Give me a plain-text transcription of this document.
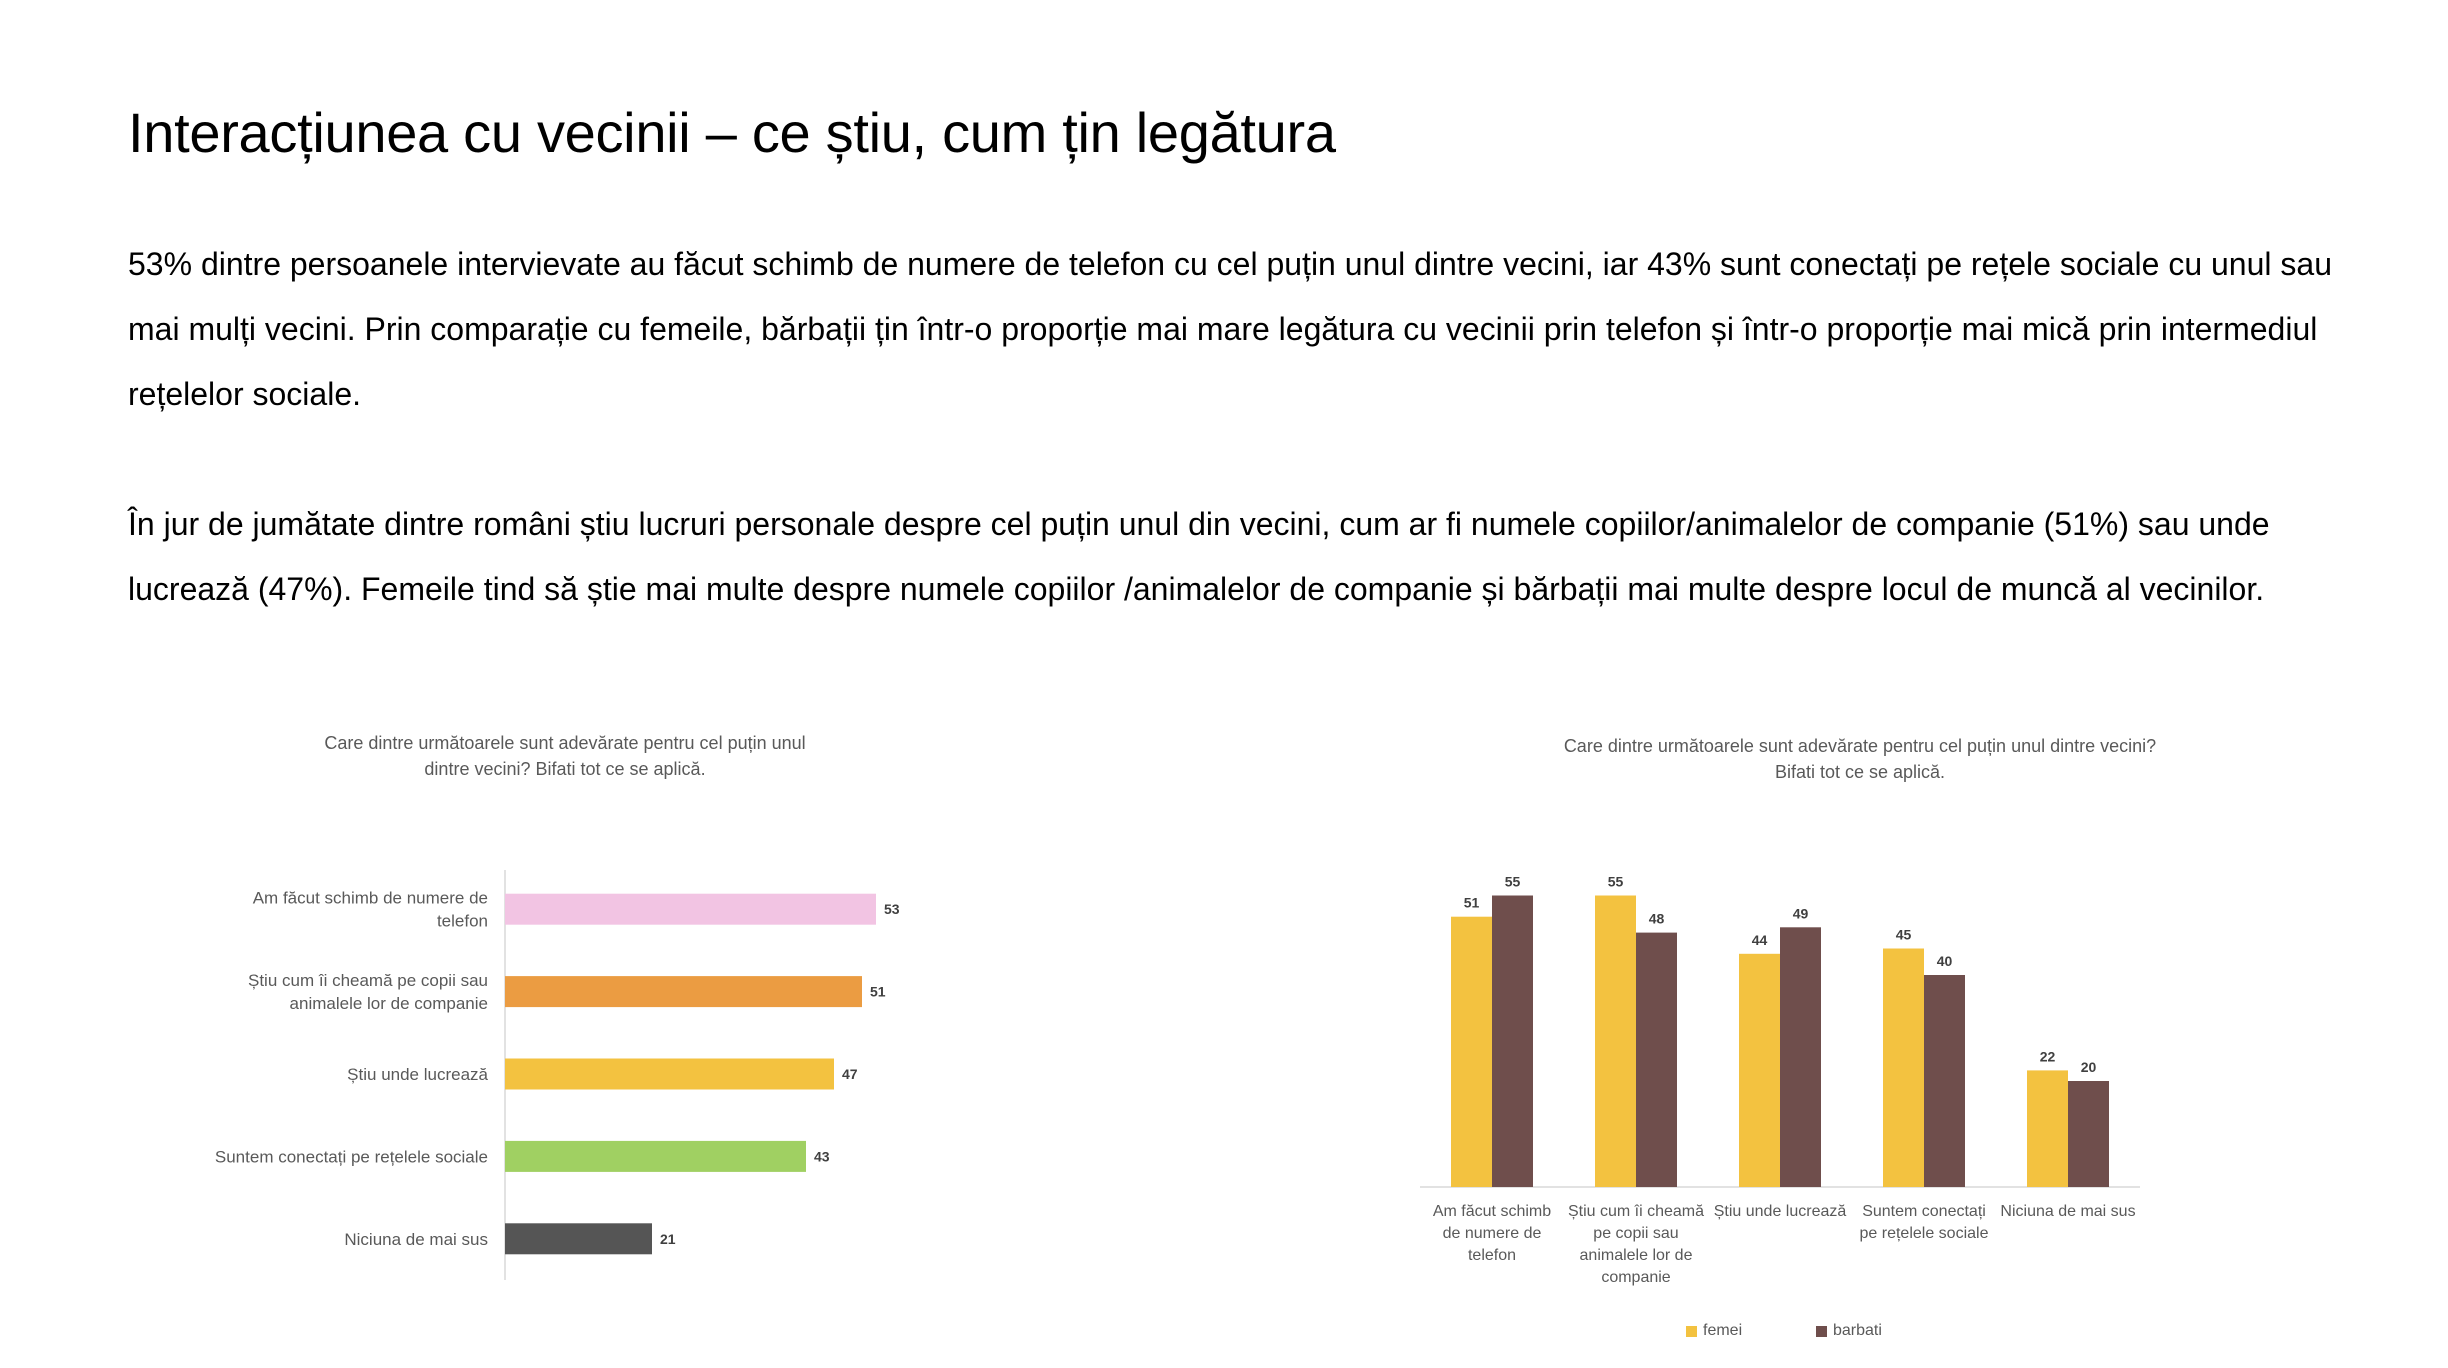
Interacțiunea cu vecinii – ce știu, cum țin legătura

53% dintre persoanele intervievate au făcut schimb de numere de telefon cu cel puțin unul dintre vecini, iar 43% sunt conectați pe rețele sociale cu unul sau mai mulți vecini. Prin comparație cu femeile, bărbații țin într-o proporție mai mare legătura cu vecinii prin telefon și într-o proporție mai mică prin intermediul rețelelor sociale.

În jur de jumătate dintre români știu lucruri personale despre cel puțin unul din vecini, cum ar fi numele copiilor/animalelor de companie (51%) sau unde lucrează (47%). Femeile tind să știe mai multe despre numele copiilor /animalelor de companie și bărbații mai multe despre locul de muncă al vecinilor.

Care dintre următoarele sunt adevărate pentru cel puțin unul
dintre vecini? Bifati tot ce se aplică.
53
Am făcut schimb de numere de
telefon
51
Știu cum îi cheamă pe copii sau
animalele lor de companie
47
Știu unde lucrează
43
Suntem conectați pe rețelele sociale
21
Niciuna de mai sus
Care dintre următoarele sunt adevărate pentru cel puțin unul dintre vecini?
Bifati tot ce se aplică.
51
55
Am făcut schimb
de numere de
telefon
55
48
Știu cum îi cheamă
pe copii sau
animalele lor de
companie
44
49
Știu unde lucrează
45
40
Suntem conectați
pe rețelele sociale
22
20
Niciuna de mai sus
femei	barbati
